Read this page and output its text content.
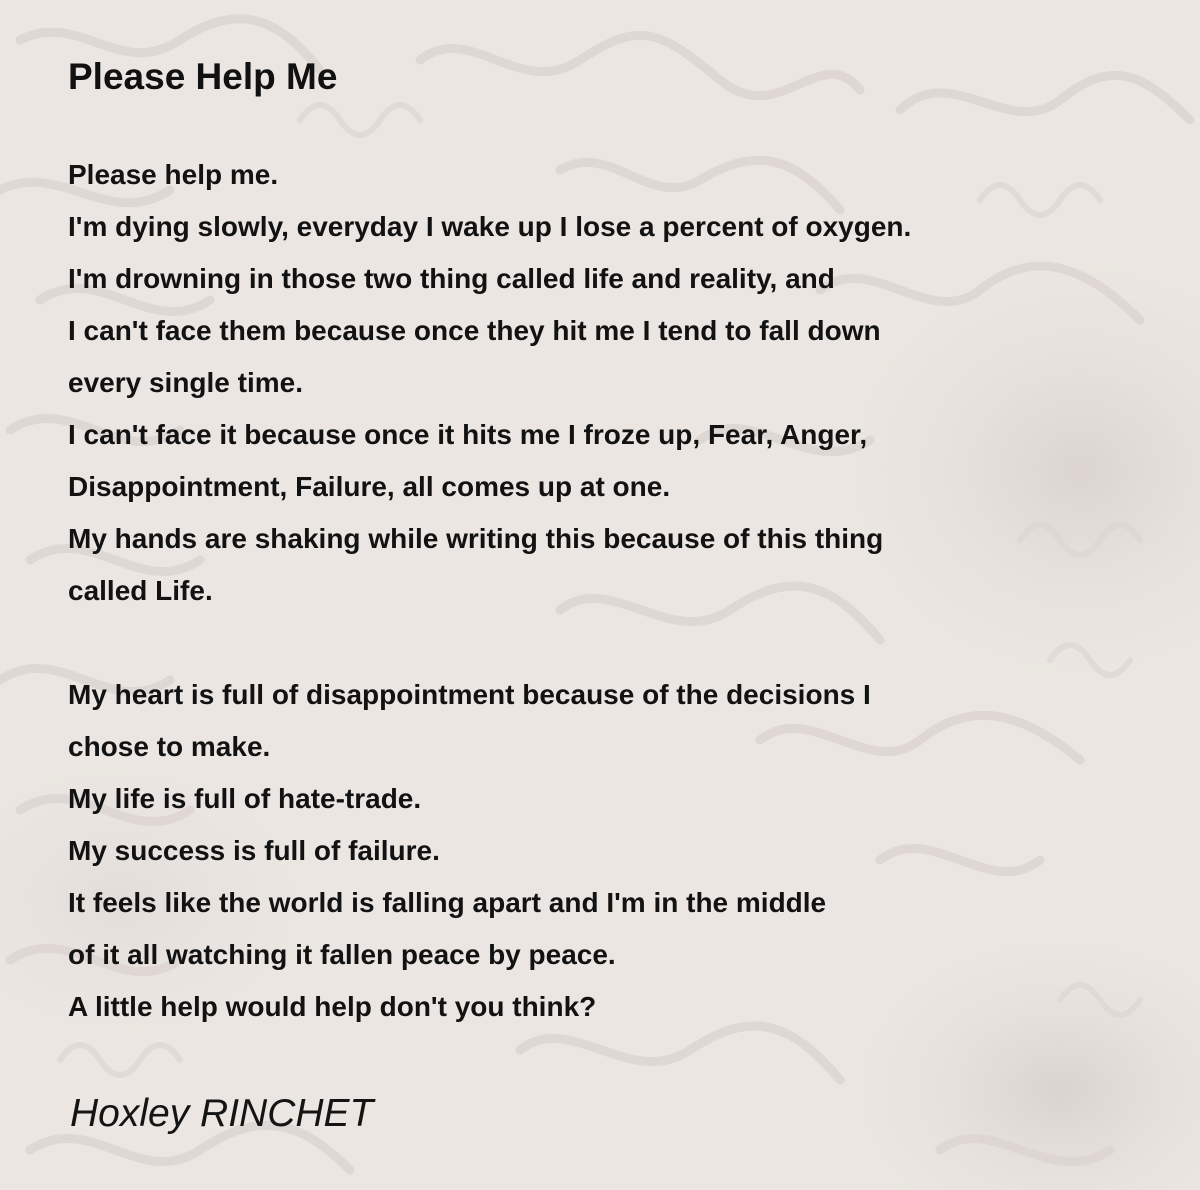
Please Help Me
Please help me.
I'm dying slowly, everyday I wake up I lose a percent of oxygen.
I'm drowning in those two thing called life and reality, and
I can't face them because once they hit me I tend to fall down
every single time.
I can't face it because once it hits me I froze up, Fear, Anger,
Disappointment, Failure, all comes up at one.
My hands are shaking while writing this because of this thing
called Life.
My heart is full of disappointment because of the decisions I
chose to make.
My life is full of hate-trade.
My success is full of failure.
It feels like the world is falling apart and I'm in the middle
of it all watching it fallen peace by peace.
A little help would help don't you think?

Hoxley RINCHET
